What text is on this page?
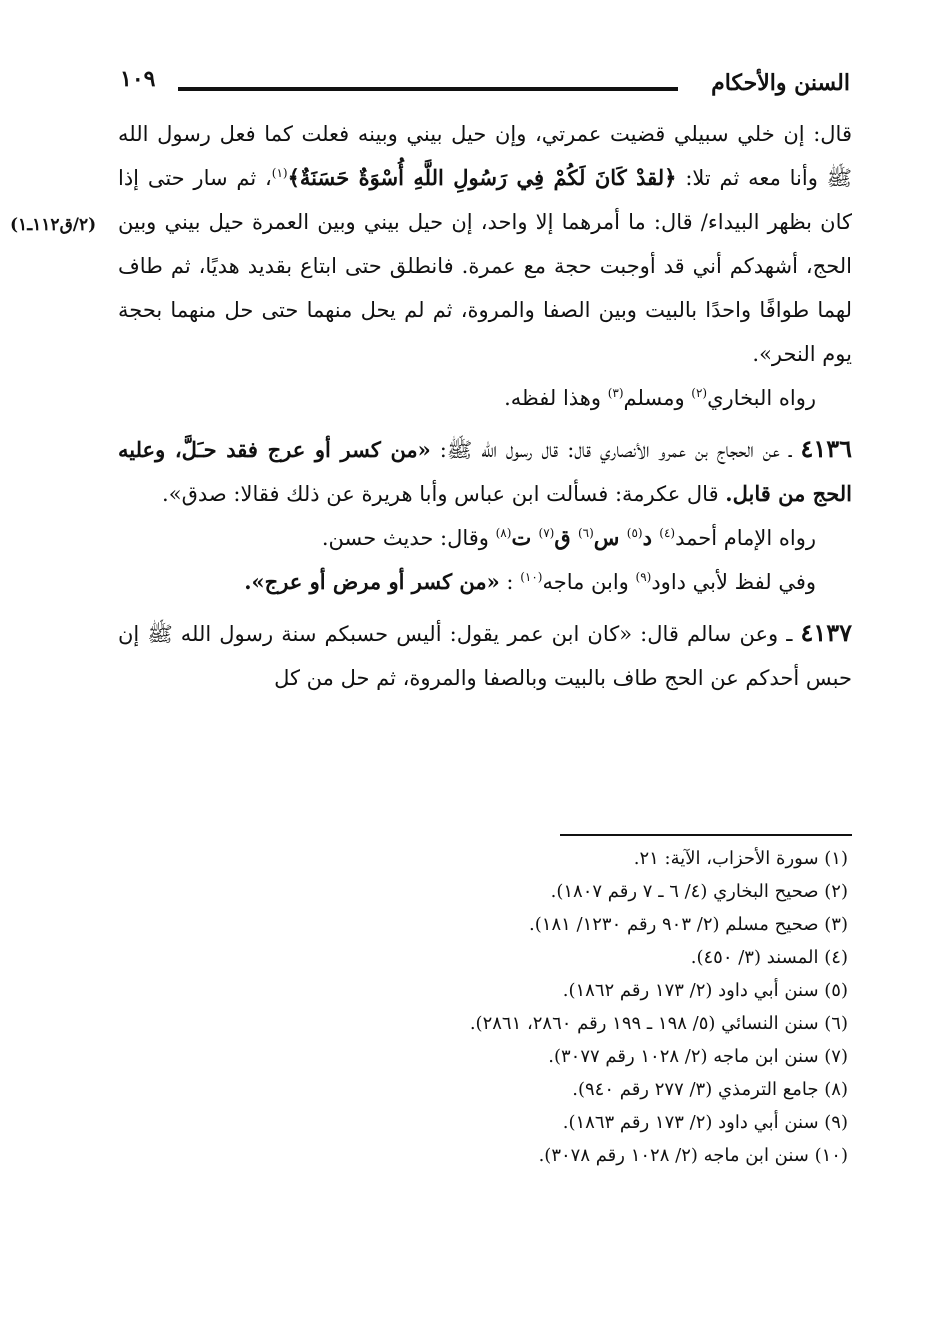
السنن والأحكام
١٠٩
(٢/ق١١٢ـ١)

قال: إن خلي سبيلي قضيت عمرتي، وإن حيل بيني وبينه فعلت كما فعل رسول الله ﷺ وأنا معه ثم تلا: ﴿لقدْ كَانَ لَكُمْ فِي رَسُولِ اللَّهِ أُسْوَةٌ حَسَنَةٌ﴾$^{(١)}$، ثم سار حتى إذا كان بظهر البيداء/ قال: ما أمرهما إلا واحد، إن حيل بيني وبين العمرة حيل بيني وبين الحج، أشهدكم أني قد أوجبت حجة مع عمرة. فانطلق حتى ابتاع بقديد هديًا، ثم طاف لهما طوافًا واحدًا بالبيت وبين الصفا والمروة، ثم لم يحل منهما حتى حل منهما بحجة يوم النحر».

رواه البخاري$^{(٢)}$ ومسلم$^{(٣)}$ وهذا لفظه.

٤١٣٦ ـ عن الحجاج بن عمرو الأنصاري قال: قال رسول الله ﷺ: «من كسر أو عرج فقد حـَلَّ، وعليه الحج من قابل. قال عكرمة: فسألت ابن عباس وأبا هريرة عن ذلك فقالا: صدق».

رواه الإمام أحمد$^{(٤)}$ د$^{(٥)}$ س$^{(٦)}$ ق$^{(٧)}$ ت$^{(٨)}$ وقال: حديث حسن.

وفي لفظ لأبي داود$^{(٩)}$ وابن ماجه$^{(١٠)}$ : «من كسر أو مرض أو عرج».

٤١٣٧ ـ وعن سالم قال: «كان ابن عمر يقول: أليس حسبكم سنة رسول الله ﷺ إن حبس أحدكم عن الحج طاف بالبيت وبالصفا والمروة، ثم حل من كل

(١) سورة الأحزاب، الآية: ٢١.
(٢) صحيح البخاري (٤/ ٦ ـ ٧ رقم ١٨٠٧).
(٣) صحيح مسلم (٢/ ٩٠٣ رقم ١٢٣٠/ ١٨١).
(٤) المسند (٣/ ٤٥٠).
(٥) سنن أبي داود (٢/ ١٧٣ رقم ١٨٦٢).
(٦) سنن النسائي (٥/ ١٩٨ ـ ١٩٩ رقم ٢٨٦٠، ٢٨٦١).
(٧) سنن ابن ماجه (٢/ ١٠٢٨ رقم ٣٠٧٧).
(٨) جامع الترمذي (٣/ ٢٧٧ رقم ٩٤٠).
(٩) سنن أبي داود (٢/ ١٧٣ رقم ١٨٦٣).
(١٠) سنن ابن ماجه (٢/ ١٠٢٨ رقم ٣٠٧٨).
